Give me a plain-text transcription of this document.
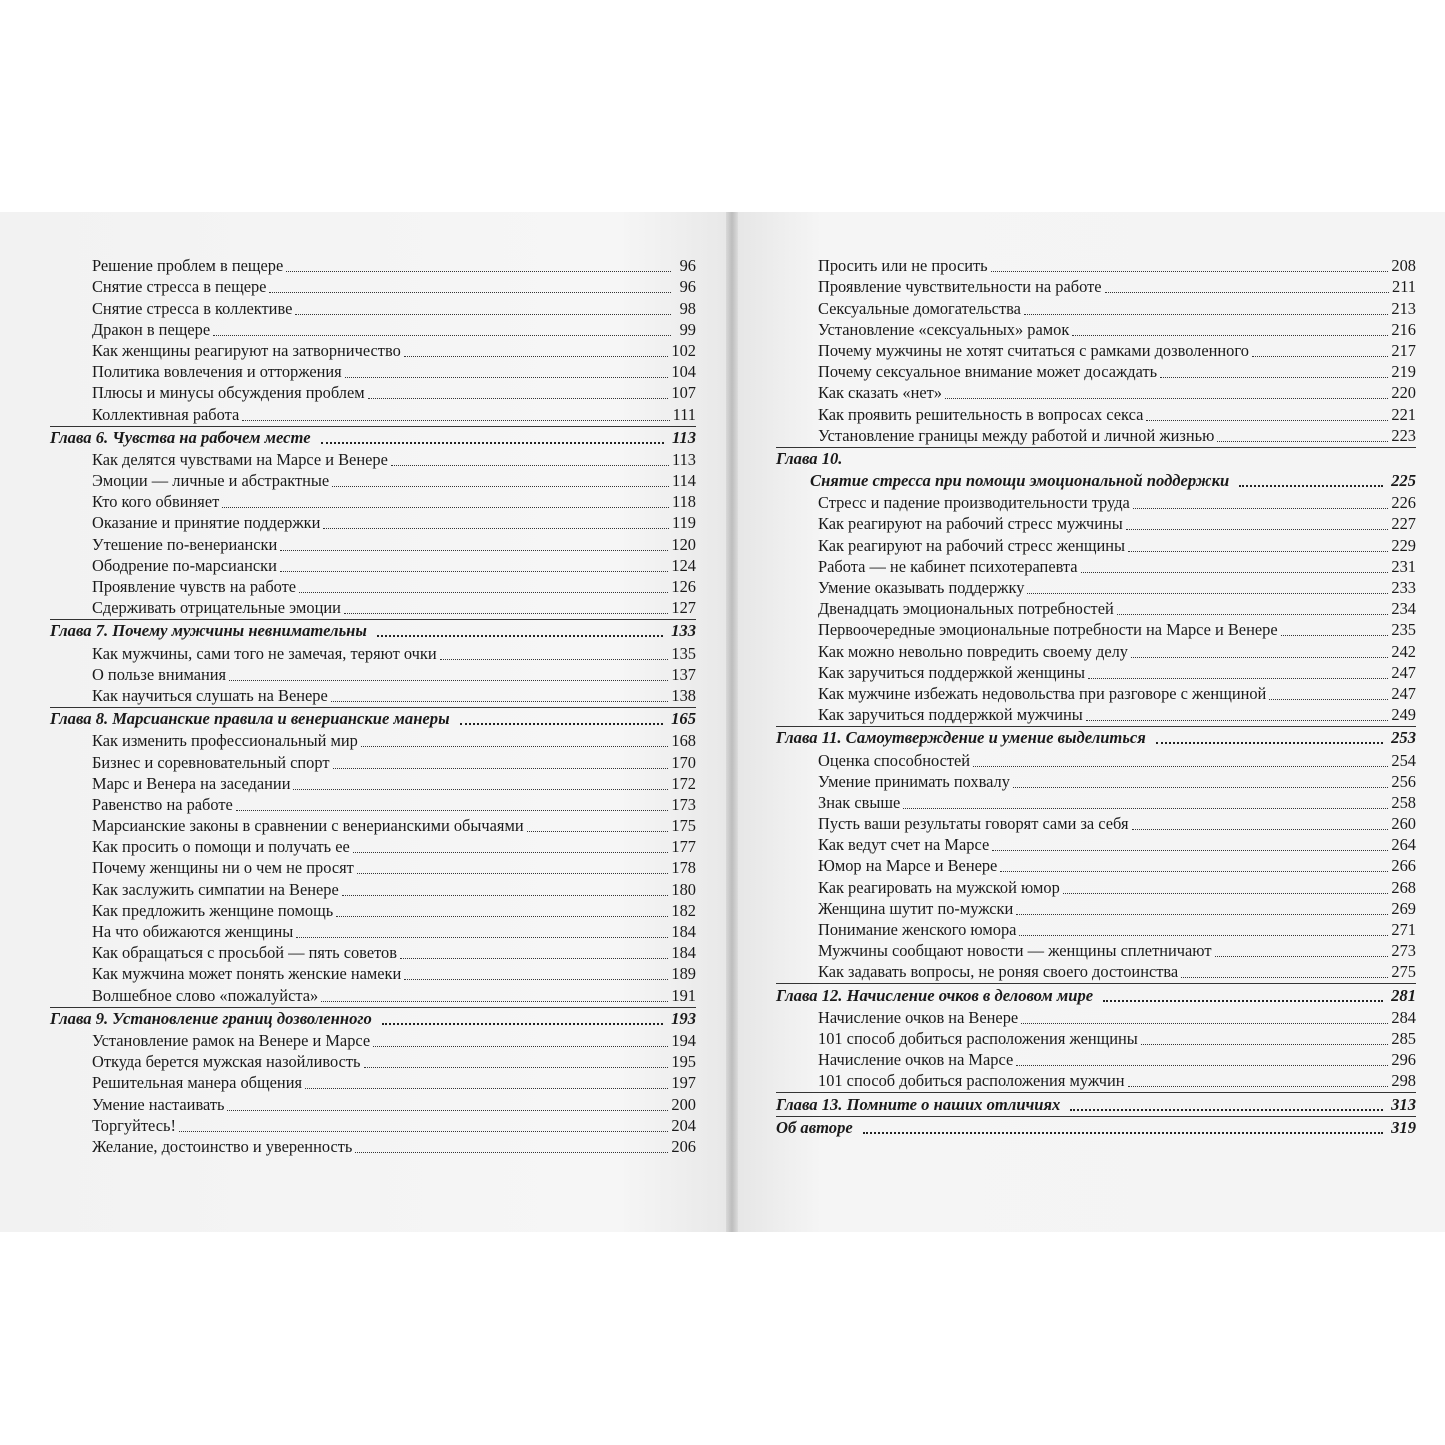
Решение проблем в пещере	96
Снятие стресса в пещере	96
Снятие стресса в коллективе	98
Дракон в пещере	99
Как женщины реагируют на затворничество	102
Политика вовлечения и отторжения	104
Плюсы и минусы обсуждения проблем	107
Коллективная работа	111
Глава 6. Чувства на рабочем месте	113
Как делятся чувствами на Марсе и Венере	113
Эмоции — личные и абстрактные	114
Кто кого обвиняет	118
Оказание и принятие поддержки	119
Утешение по-венериански	120
Ободрение по-марсиански	124
Проявление чувств на работе	126
Сдерживать отрицательные эмоции	127
Глава 7. Почему мужчины невнимательны	133
Как мужчины, сами того не замечая, теряют очки	135
О пользе внимания	137
Как научиться слушать на Венере	138
Глава 8. Марсианские правила и венерианские манеры	165
Как изменить профессиональный мир	168
Бизнес и соревновательный спорт	170
Марс и Венера на заседании	172
Равенство на работе	173
Марсианские законы в сравнении с венерианскими обычаями	175
Как просить о помощи и получать ее	177
Почему женщины ни о чем не просят	178
Как заслужить симпатии на Венере	180
Как предложить женщине помощь	182
На что обижаются женщины	184
Как обращаться с просьбой — пять советов	184
Как мужчина может понять женские намеки	189
Волшебное слово «пожалуйста»	191
Глава 9. Установление границ дозволенного	193
Установление рамок на Венере и Марсе	194
Откуда берется мужская назойливость	195
Решительная манера общения	197
Умение настаивать	200
Торгуйтесь!	204
Желание, достоинство и уверенность	206
Просить или не просить	208
Проявление чувствительности на работе	211
Сексуальные домогательства	213
Установление «сексуальных» рамок	216
Почему мужчины не хотят считаться с рамками дозволенного	217
Почему сексуальное внимание может досаждать	219
Как сказать «нет»	220
Как проявить решительность в вопросах секса	221
Установление границы между работой и личной жизнью	223
Глава 10.
Снятие стресса при помощи эмоциональной поддержки	225
Стресс и падение производительности труда	226
Как реагируют на рабочий стресс мужчины	227
Как реагируют на рабочий стресс женщины	229
Работа — не кабинет психотерапевта	231
Умение оказывать поддержку	233
Двенадцать эмоциональных потребностей	234
Первоочередные эмоциональные потребности на Марсе и Венере	235
Как можно невольно повредить своему делу	242
Как заручиться поддержкой женщины	247
Как мужчине избежать недовольства при разговоре с женщиной	247
Как заручиться поддержкой мужчины	249
Глава 11. Самоутверждение и умение выделиться	253
Оценка способностей	254
Умение принимать похвалу	256
Знак свыше	258
Пусть ваши результаты говорят сами за себя	260
Как ведут счет на Марсе	264
Юмор на Марсе и Венере	266
Как реагировать на мужской юмор	268
Женщина шутит по-мужски	269
Понимание женского юмора	271
Мужчины сообщают новости — женщины сплетничают	273
Как задавать вопросы, не роняя своего достоинства	275
Глава 12. Начисление очков в деловом мире	281
Начисление очков на Венере	284
101 способ добиться расположения женщины	285
Начисление очков на Марсе	296
101 способ добиться расположения мужчин	298
Глава 13. Помните о наших отличиях	313
Об авторе	319
